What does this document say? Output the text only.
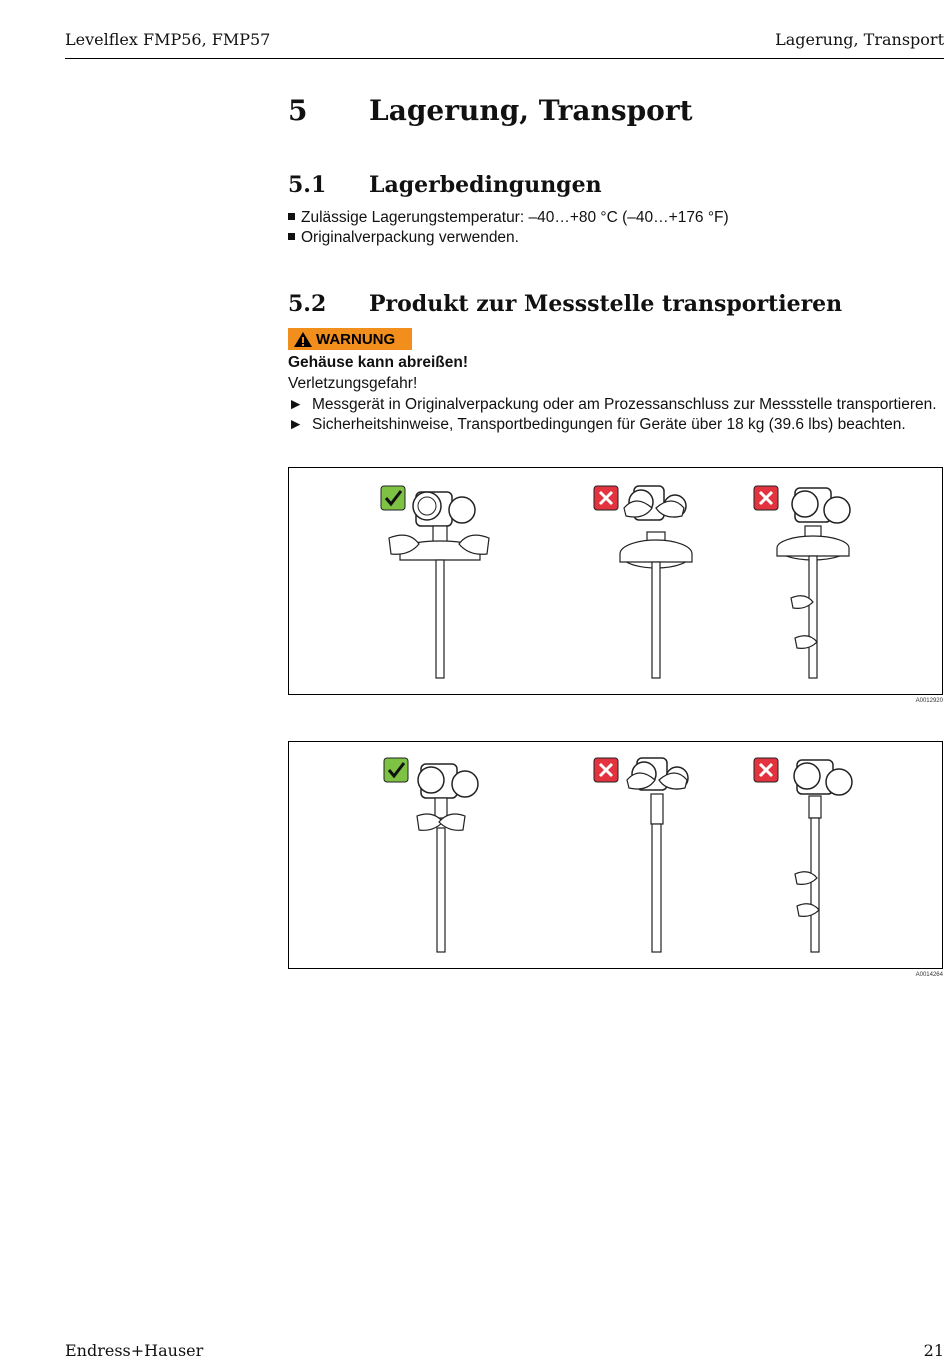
Levelflex FMP56, FMP57	Lagerung, Transport
5 Lagerung, Transport
5.1 Lagerbedingungen
Zulässige Lagerungstemperatur: –40…+80 °C (–40…+176 °F)
Originalverpackung verwenden.
5.2 Produkt zur Messstelle transportieren
WARNUNG
Gehäuse kann abreißen!
Verletzungsgefahr!
► Messgerät in Originalverpackung oder am Prozessanschluss zur Messstelle transportieren.
► Sicherheitshinweise, Transportbedingungen für Geräte über 18 kg (39.6 lbs) beachten.
A0012920
A0014264
Endress+Hauser	21
